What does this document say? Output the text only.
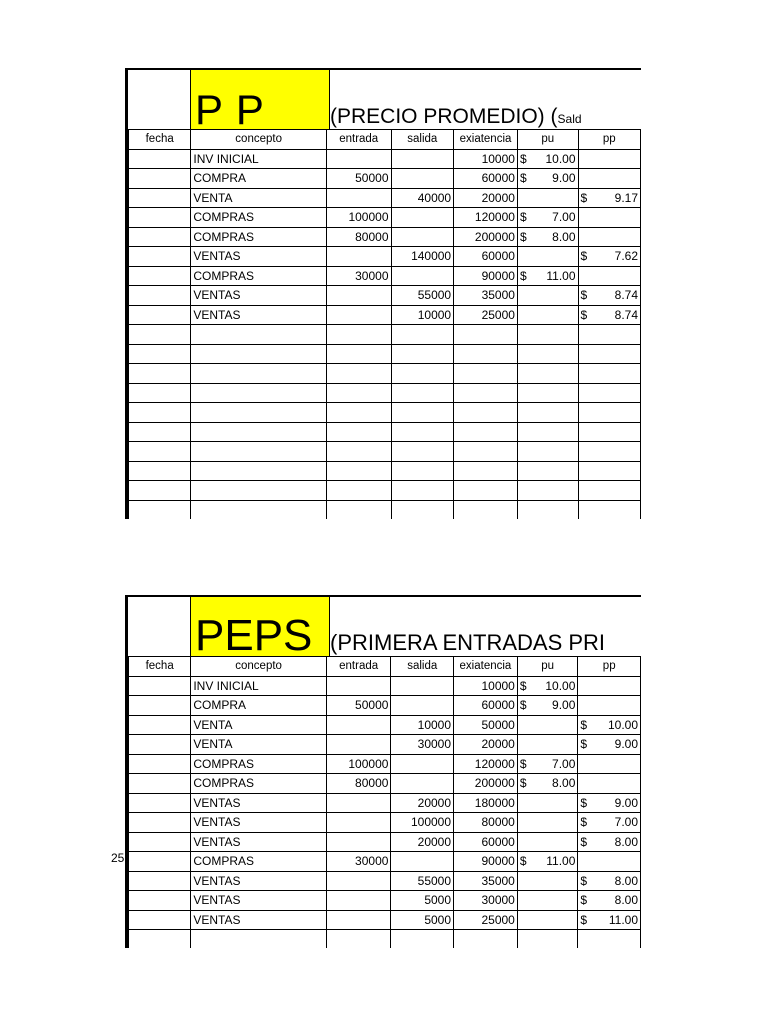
P P	(PRECIO PROMEDIO) (Sald
fecha	concepto	entrada	salida	exiatencia	pu	pp
	INV INICIAL			10000	$ 10.00	

	COMPRA	50000		60000	$ 9.00	

	VENTA		40000	20000		$ 9.17

	COMPRAS	100000		120000	$ 7.00	

	COMPRAS	80000		200000	$ 8.00	

	VENTAS		140000	60000		$ 7.62

	COMPRAS	30000		90000	$ 11.00	

	VENTAS		55000	35000		$ 8.74

	VENTAS		10000	25000		$ 8.74

25
PEPS (PRIMERA ENTRADAS PRI
fecha	concepto	entrada	salida	exiatencia	pu	pp
	INV INICIAL			10000	$ 10.00	

	COMPRA	50000		60000	$ 9.00	

	VENTA		10000	50000		$ 10.00

	VENTA		30000	20000		$ 9.00

	COMPRAS	100000		120000	$ 7.00	

	COMPRAS	80000		200000	$ 8.00	

	VENTAS		20000	180000		$ 9.00

	VENTAS		100000	80000		$ 7.00

	VENTAS		20000	60000		$ 8.00

	COMPRAS	30000		90000	$ 11.00	

	VENTAS		55000	35000		$ 8.00

	VENTAS		5000	30000		$ 8.00

	VENTAS		5000	25000		$ 11.00
